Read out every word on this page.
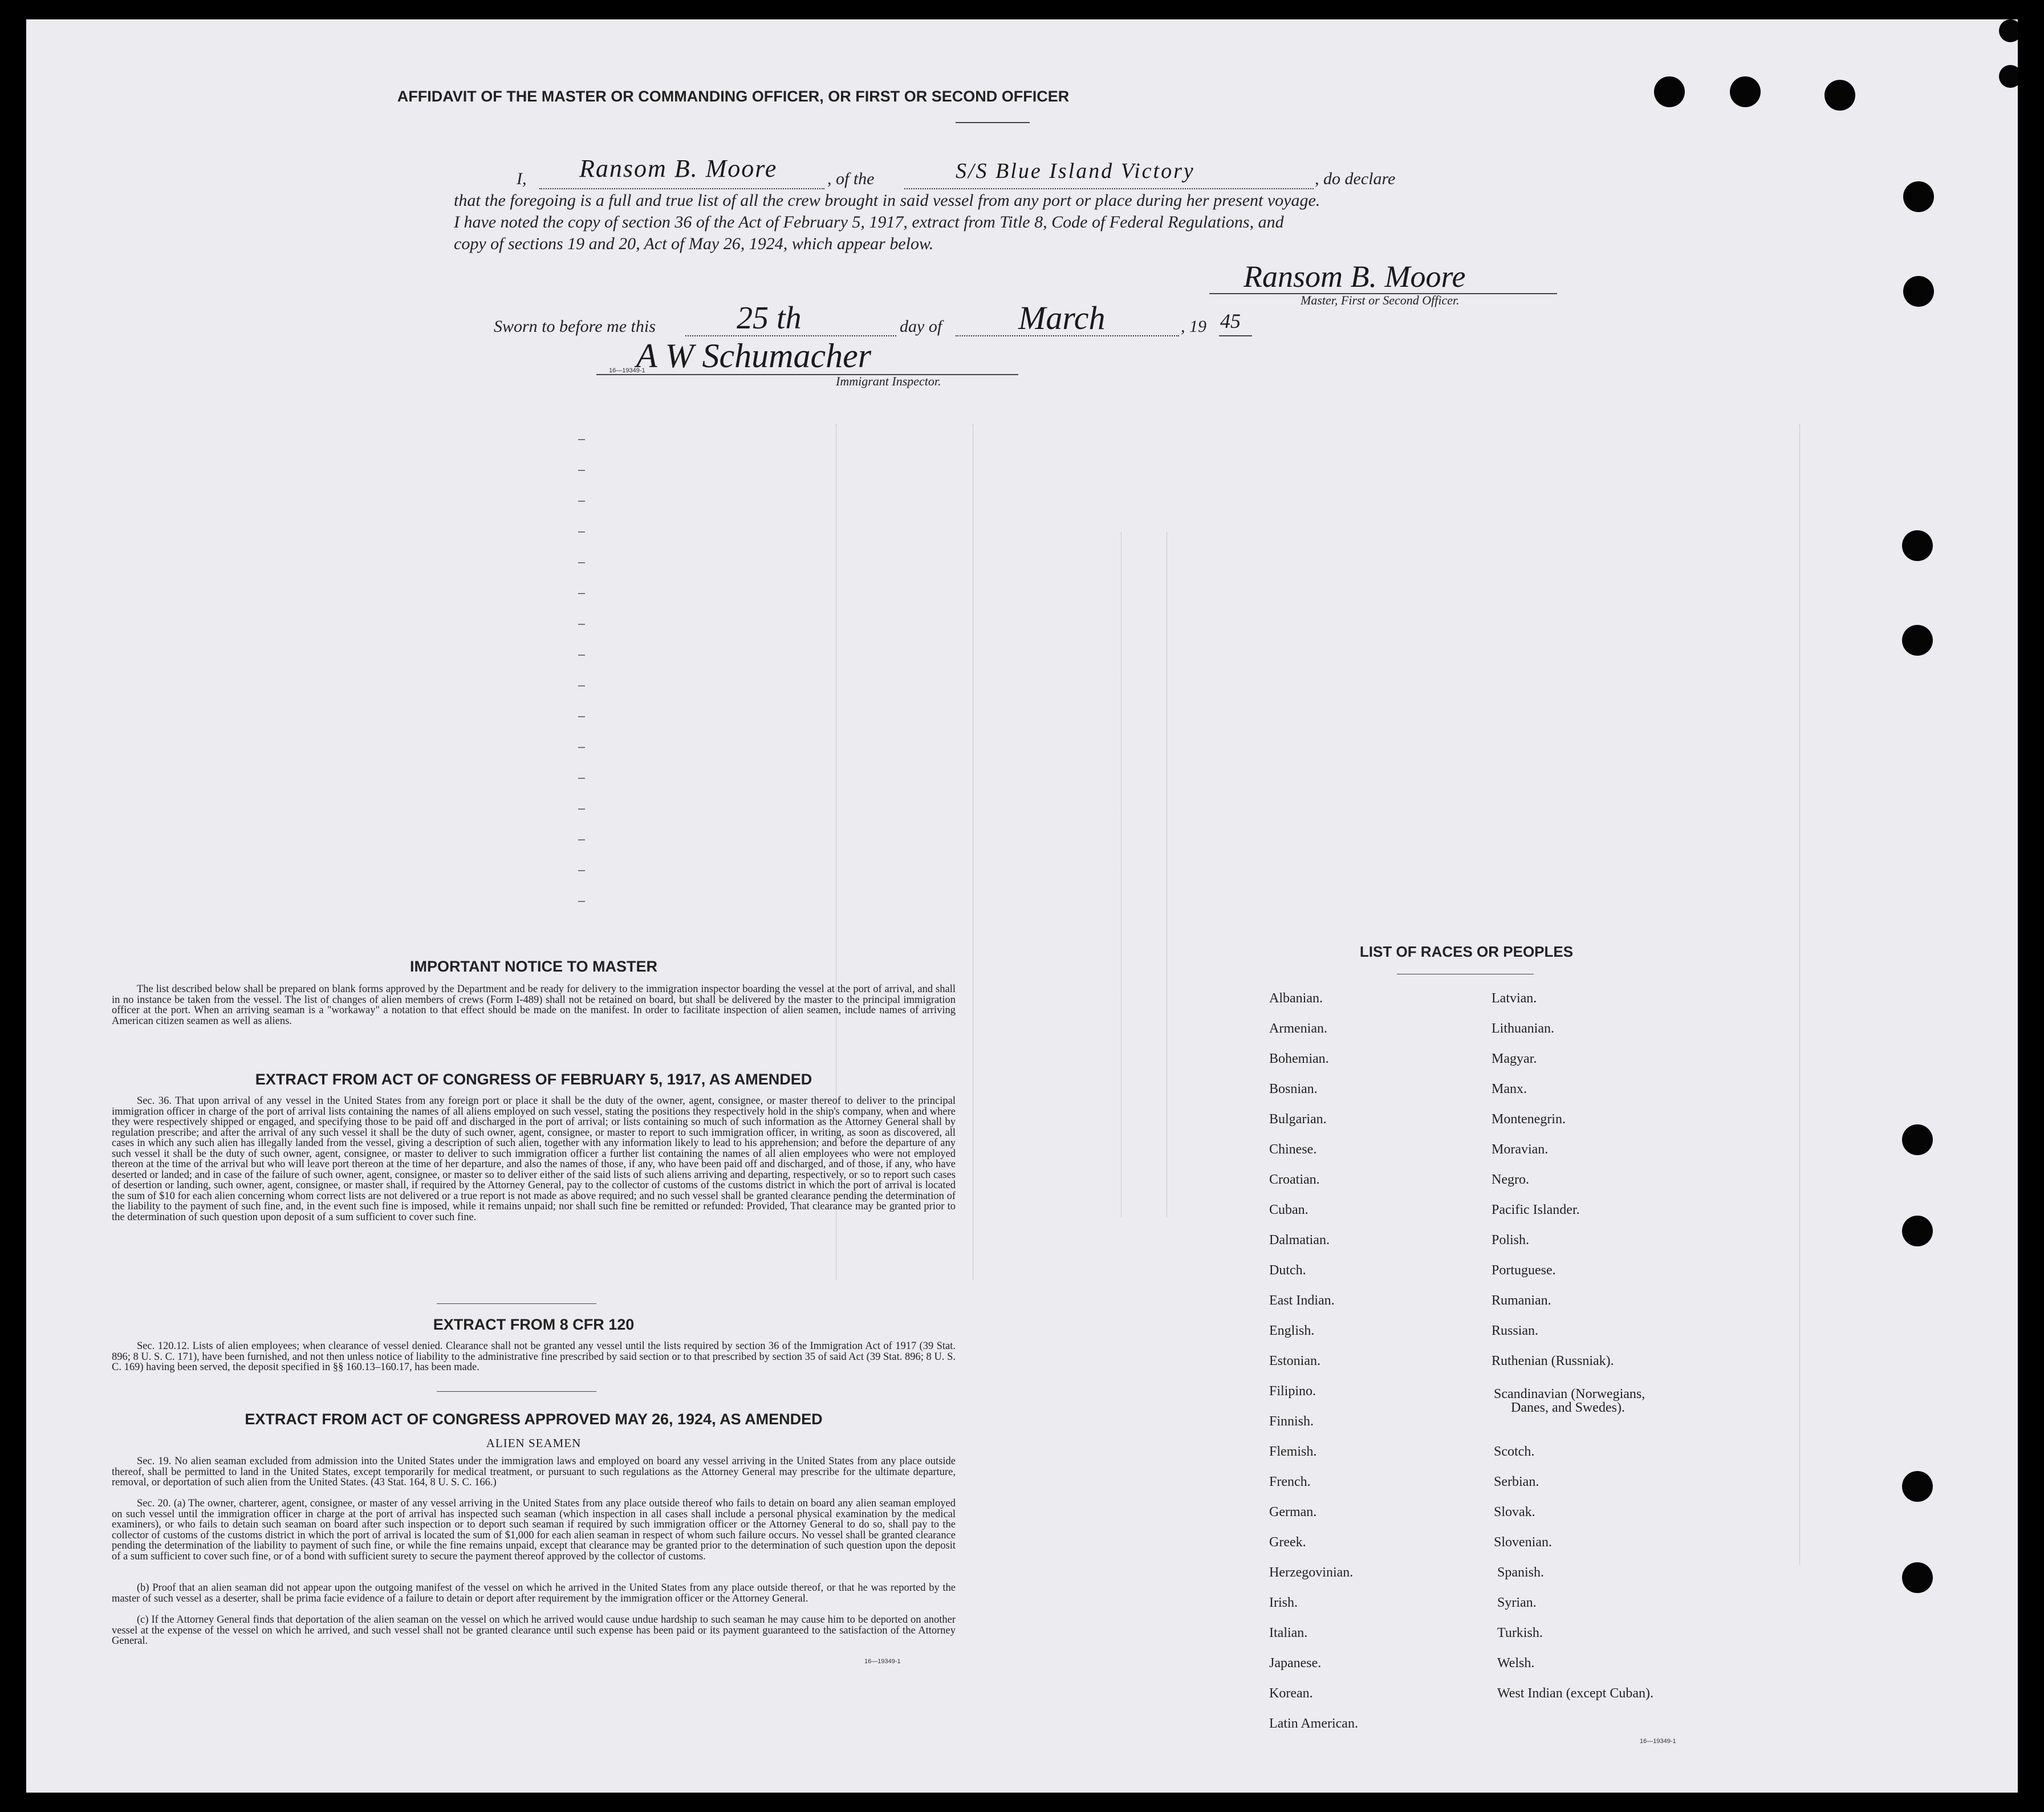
AFFIDAVIT OF THE MASTER OR COMMANDING OFFICER, OR FIRST OR SECOND OFFICER
I, Ransom B. Moore	, of the	S/S Blue Island Victory	, do declare
that the foregoing is a full and true list of all the crew brought in said vessel from any port or place during her present voyage.
I have noted the copy of section 36 of the Act of February 5, 1917, extract from Title 8, Code of Federal Regulations, and
copy of sections 19 and 20, Act of May 26, 1924, which appear below.
Ransom B. Moore
Master, First or Second Officer.
Sworn to before me this	25 th	day of March	, 19 45
A W Schumacher
Immigrant Inspector.
16—19349-1
IMPORTANT NOTICE TO MASTER
The list described below shall be prepared on blank forms approved by the Department and be ready for delivery to the immigration inspector boarding the vessel at the port of arrival, and shall in no instance be taken from the vessel. The list of changes of alien members of crews (Form I-489) shall not be retained on board, but shall be delivered by the master to the principal immigration officer at the port. When an arriving seaman is a "workaway" a notation to that effect should be made on the manifest. In order to facilitate inspection of alien seamen, include names of arriving American citizen seamen as well as aliens.
EXTRACT FROM ACT OF CONGRESS OF FEBRUARY 5, 1917, AS AMENDED
Sec. 36. That upon arrival of any vessel in the United States from any foreign port or place it shall be the duty of the owner, agent, consignee, or master thereof to deliver to the principal immigration officer in charge of the port of arrival lists containing the names of all aliens employed on such vessel, stating the positions they respectively hold in the ship's company, when and where they were respectively shipped or engaged, and specifying those to be paid off and discharged in the port of arrival; or lists containing so much of such information as the Attorney General shall by regulation prescribe; and after the arrival of any such vessel it shall be the duty of such owner, agent, consignee, or master to report to such immigration officer, in writing, as soon as discovered, all cases in which any such alien has illegally landed from the vessel, giving a description of such alien, together with any information likely to lead to his apprehension; and before the departure of any such vessel it shall be the duty of such owner, agent, consignee, or master to deliver to such immigration officer a further list containing the names of all alien employees who were not employed thereon at the time of the arrival but who will leave port thereon at the time of her departure, and also the names of those, if any, who have been paid off and discharged, and of those, if any, who have deserted or landed; and in case of the failure of such owner, agent, consignee, or master so to deliver either of the said lists of such aliens arriving and departing, respectively, or so to report such cases of desertion or landing, such owner, agent, consignee, or master shall, if required by the Attorney General, pay to the collector of customs of the customs district in which the port of arrival is located the sum of $10 for each alien concerning whom correct lists are not delivered or a true report is not made as above required; and no such vessel shall be granted clearance pending the determination of the liability to the payment of such fine, and, in the event such fine is imposed, while it remains unpaid; nor shall such fine be remitted or refunded: Provided, That clearance may be granted prior to the determination of such question upon deposit of a sum sufficient to cover such fine.
EXTRACT FROM 8 CFR 120
Sec. 120.12. Lists of alien employees; when clearance of vessel denied. Clearance shall not be granted any vessel until the lists required by section 36 of the Immigration Act of 1917 (39 Stat. 896; 8 U. S. C. 171), have been furnished, and not then unless notice of liability to the administrative fine prescribed by said section or to that prescribed by section 35 of said Act (39 Stat. 896; 8 U. S. C. 169) having been served, the deposit specified in §§ 160.13–160.17, has been made.
EXTRACT FROM ACT OF CONGRESS APPROVED MAY 26, 1924, AS AMENDED
ALIEN SEAMEN
Sec. 19. No alien seaman excluded from admission into the United States under the immigration laws and employed on board any vessel arriving in the United States from any place outside thereof, shall be permitted to land in the United States, except temporarily for medical treatment, or pursuant to such regulations as the Attorney General may prescribe for the ultimate departure, removal, or deportation of such alien from the United States. (43 Stat. 164, 8 U. S. C. 166.)
Sec. 20. (a) The owner, charterer, agent, consignee, or master of any vessel arriving in the United States from any place outside thereof who fails to detain on board any alien seaman employed on such vessel until the immigration officer in charge at the port of arrival has inspected such seaman (which inspection in all cases shall include a personal physical examination by the medical examiners), or who fails to detain such seaman on board after such inspection or to deport such seaman if required by such immigration officer or the Attorney General to do so, shall pay to the collector of customs of the customs district in which the port of arrival is located the sum of $1,000 for each alien seaman in respect of whom such failure occurs. No vessel shall be granted clearance pending the determination of the liability to payment of such fine, or while the fine remains unpaid, except that clearance may be granted prior to the determination of such question upon the deposit of a sum sufficient to cover such fine, or of a bond with sufficient surety to secure the payment thereof approved by the collector of customs.
(b) Proof that an alien seaman did not appear upon the outgoing manifest of the vessel on which he arrived in the United States from any place outside thereof, or that he was reported by the master of such vessel as a deserter, shall be prima facie evidence of a failure to detain or deport after requirement by the immigration officer or the Attorney General.
(c) If the Attorney General finds that deportation of the alien seaman on the vessel on which he arrived would cause undue hardship to such seaman he may cause him to be deported on another vessel at the expense of the vessel on which he arrived, and such vessel shall not be granted clearance until such expense has been paid or its payment guaranteed to the satisfaction of the Attorney General.
16—19349-1
LIST OF RACES OR PEOPLES
Albanian.
Armenian.
Bohemian.
Bosnian.
Bulgarian.
Chinese.
Croatian.
Cuban.
Dalmatian.
Dutch.
East Indian.
English.
Estonian.
Filipino.
Finnish.
Flemish.
French.
German.
Greek.
Herzegovinian.
Irish.
Italian.
Japanese.
Korean.
Latin American.
Latvian.
Lithuanian.
Magyar.
Manx.
Montenegrin.
Moravian.
Negro.
Pacific Islander.
Polish.
Portuguese.
Rumanian.
Russian.
Ruthenian (Russniak).
Scandinavian (Norwegians,
Danes, and Swedes).
Scotch.
Serbian.
Slovak.
Slovenian.
Spanish.
Syrian.
Turkish.
Welsh.
West Indian (except Cuban).
16—19349-1
